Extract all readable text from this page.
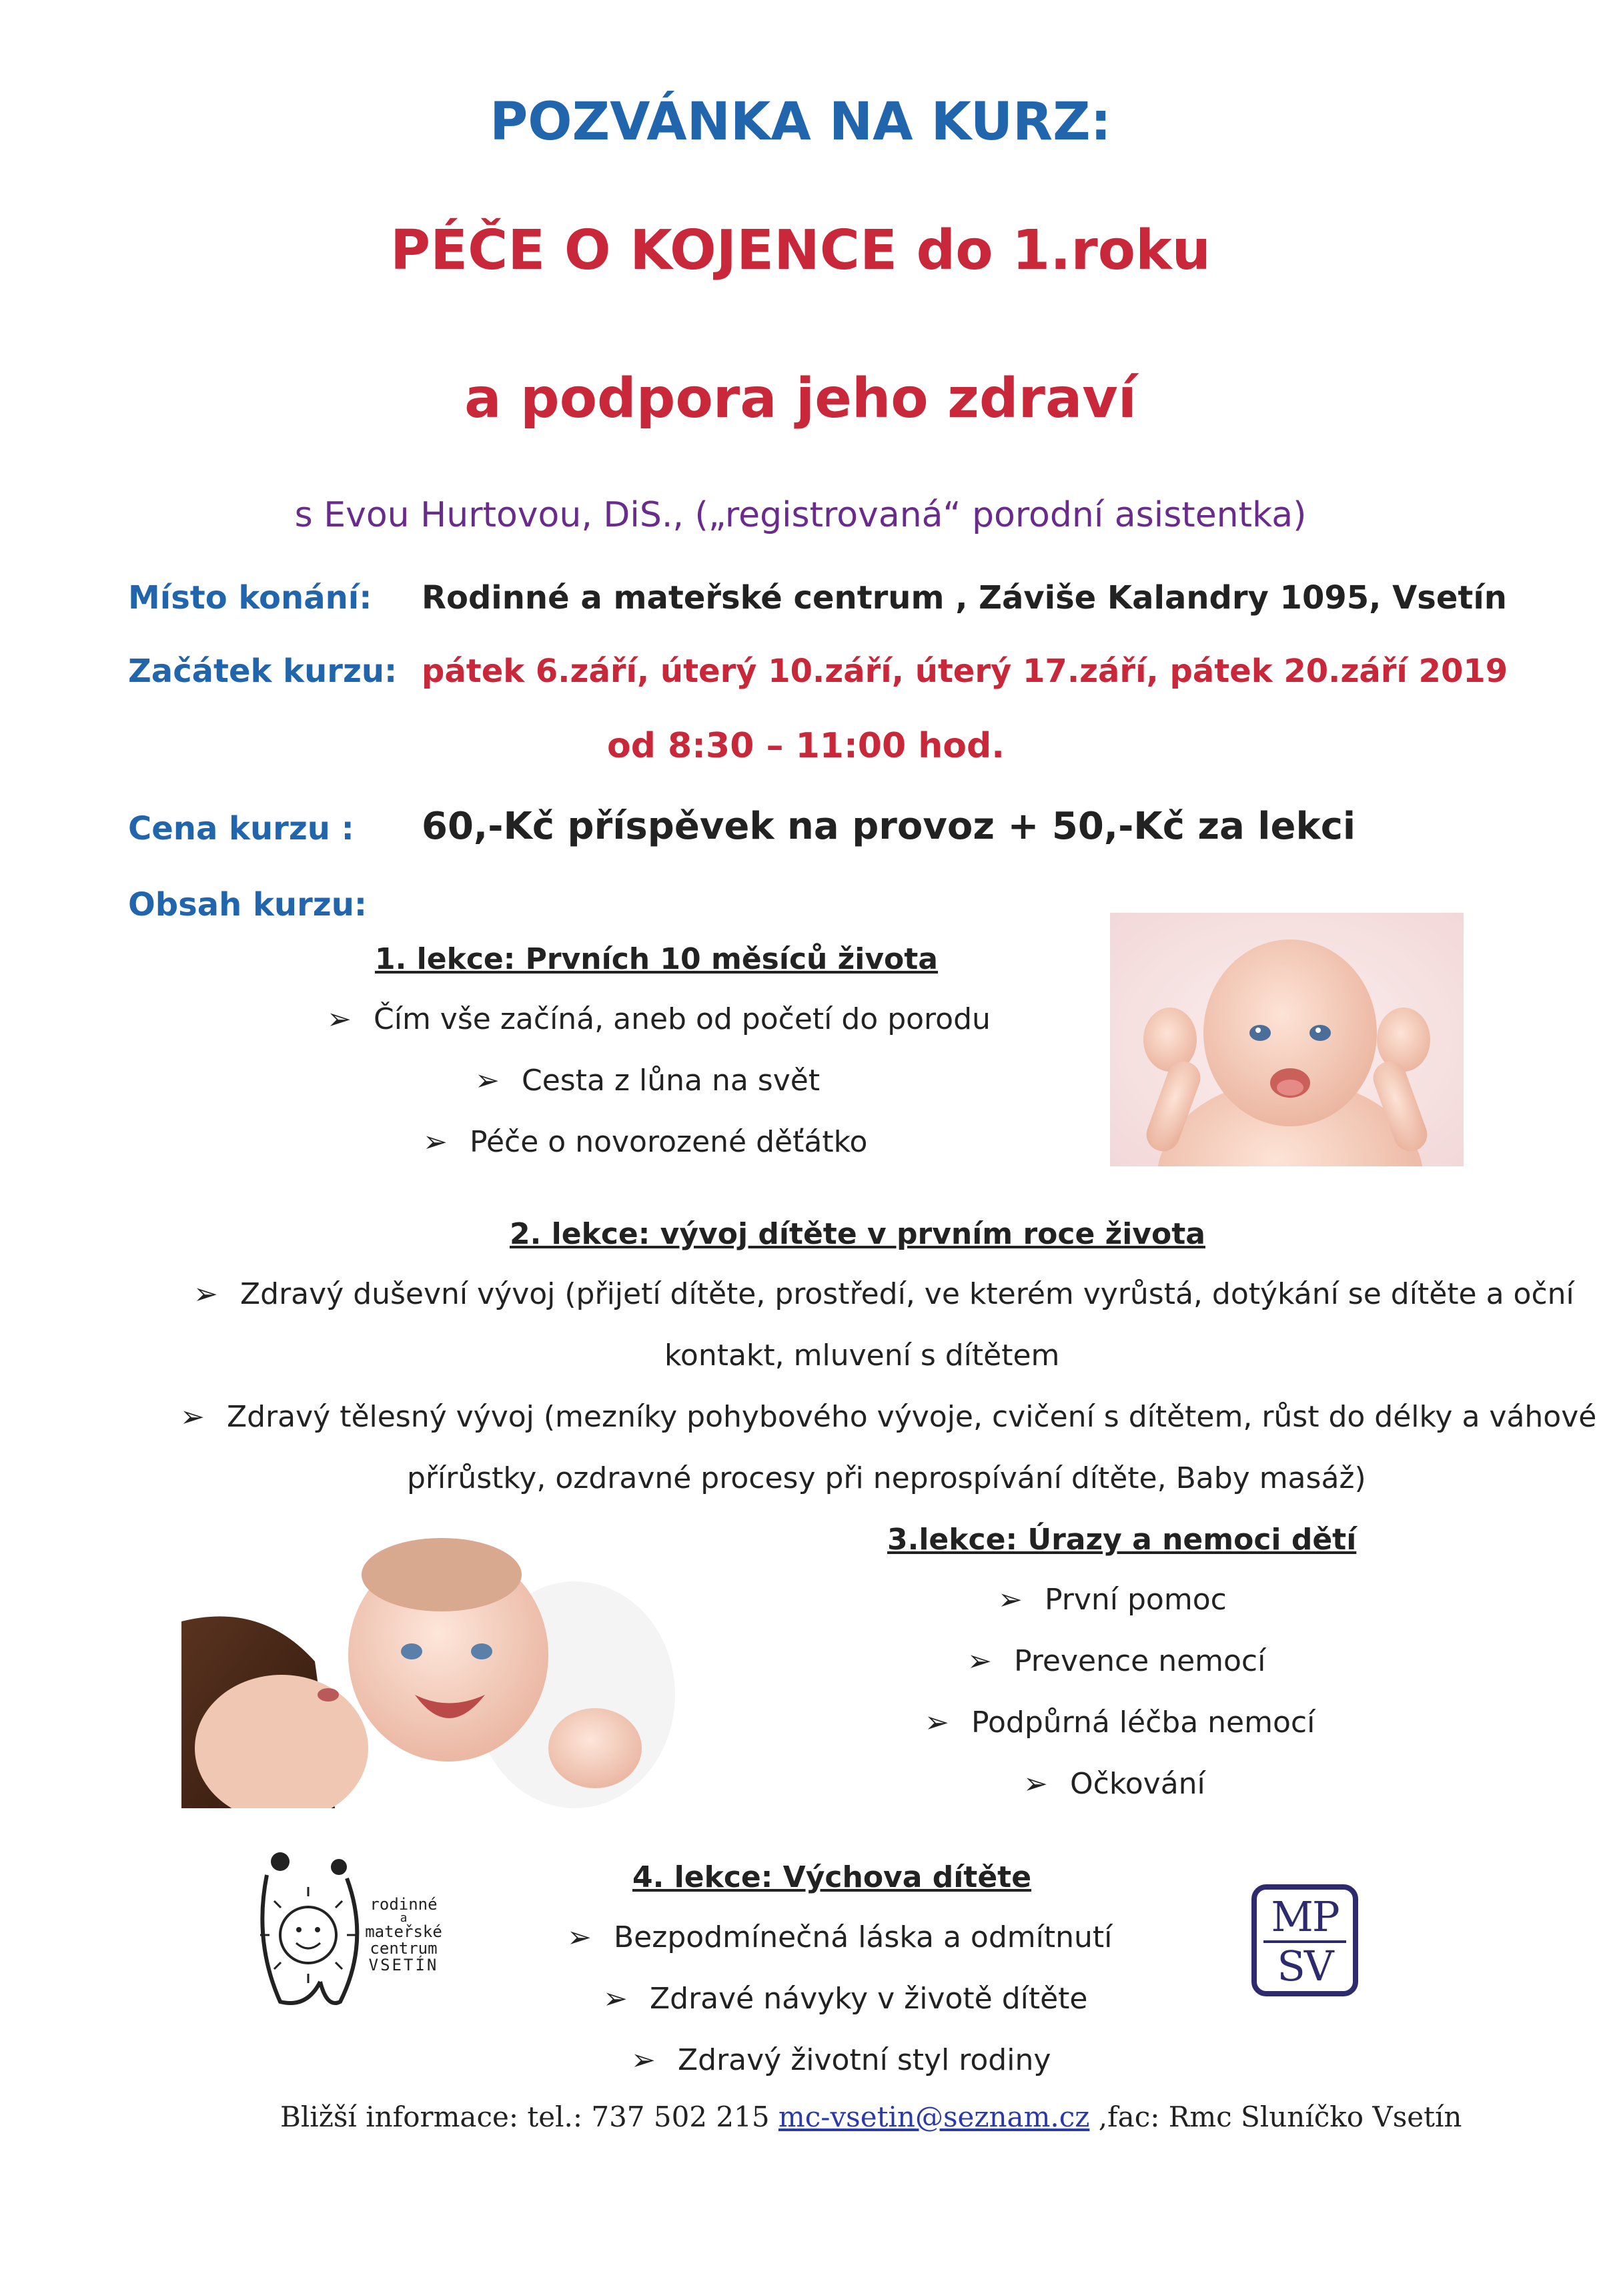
POZVÁNKA NA KURZ:
PÉČE O KOJENCE do 1.roku
a podpora jeho zdraví
s Evou Hurtovou, DiS., („registrovaná“ porodní asistentka)
Místo konání: Rodinné a mateřské centrum , Záviše Kalandry 1095, Vsetín
Začátek kurzu: pátek 6.září, úterý 10.září, úterý 17.září, pátek 20.září 2019
od 8:30 – 11:00 hod.
Cena kurzu : 60,-Kč příspěvek na provoz + 50,-Kč za lekci
Obsah kurzu:
1. lekce: Prvních 10 měsíců života
➢ Čím vše začíná, aneb od početí do porodu
➢ Cesta z lůna na svět
➢ Péče o novorozené děťátko
2. lekce: vývoj dítěte v prvním roce života
➢ Zdravý duševní vývoj (přijetí dítěte, prostředí, ve kterém vyrůstá, dotýkání se dítěte a oční
kontakt, mluvení s dítětem
➢ Zdravý tělesný vývoj (mezníky pohybového vývoje, cvičení s dítětem, růst do délky a váhové
přírůstky, ozdravné procesy při neprospívání dítěte, Baby masáž)
3.lekce: Úrazy a nemoci dětí
➢ První pomoc
➢ Prevence nemocí
➢ Podpůrná léčba nemocí
➢ Očkování
rodinné
a
mateřské
centrum
VSETÍN
4. lekce: Výchova dítěte
➢ Bezpodmínečná láska a odmítnutí
➢ Zdravé návyky v životě dítěte
➢ Zdravý životní styl rodiny
MP
SV
Bližší informace: tel.: 737 502 215 mc-vsetin@seznam.cz ,fac: Rmc Sluníčko Vsetín
